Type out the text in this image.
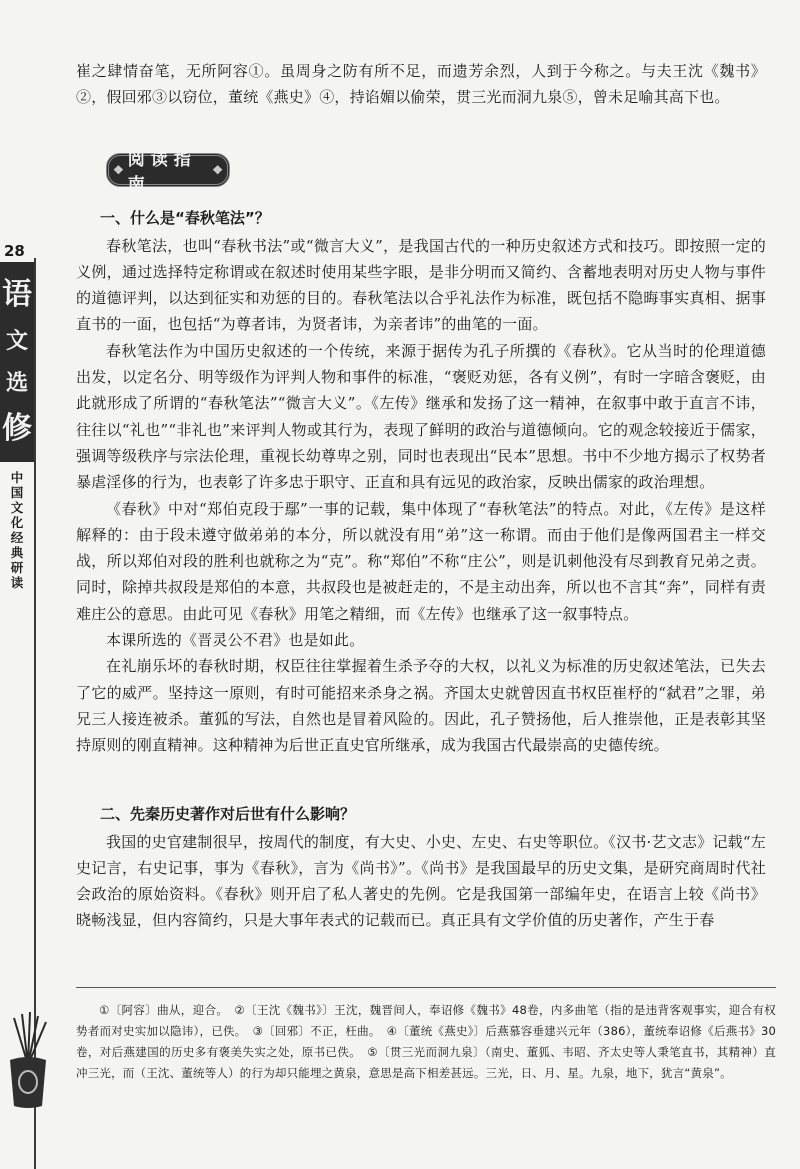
28
语
文
选
修
中
国
文
化
经
典
研
读

崔之肆情奋笔，无所阿容①。虽周身之防有所不足，而遗芳余烈，人到于今称之。与夫王沈《魏书》②，假回邪③以窃位，董统《燕史》④，持谄媚以偷荣，贯三光而洞九泉⑤，曾未足喻其高下也。

❖ 阅读指南
❖
一、什么是“春秋笔法”？

春秋笔法，也叫“春秋书法”或“微言大义”，是我国古代的一种历史叙述方式和技巧。即按照一定的义例，通过选择特定称谓或在叙述时使用某些字眼，是非分明而又简约、含蓄地表明对历史人物与事件的道德评判，以达到征实和劝惩的目的。春秋笔法以合乎礼法作为标准，既包括不隐晦事实真相、据事直书的一面，也包括“为尊者讳，为贤者讳，为亲者讳”的曲笔的一面。

春秋笔法作为中国历史叙述的一个传统，来源于据传为孔子所撰的《春秋》。它从当时的伦理道德出发，以定名分、明等级作为评判人物和事件的标准，“褒贬劝惩，各有义例”，有时一字暗含褒贬，由此就形成了所谓的“春秋笔法”“微言大义”。《左传》继承和发扬了这一精神，在叙事中敢于直言不讳，往往以“礼也”“非礼也”来评判人物或其行为，表现了鲜明的政治与道德倾向。它的观念较接近于儒家，强调等级秩序与宗法伦理，重视长幼尊卑之别，同时也表现出“民本”思想。书中不少地方揭示了权势者暴虐淫侈的行为，也表彰了许多忠于职守、正直和具有远见的政治家，反映出儒家的政治理想。

《春秋》中对“郑伯克段于鄢”一事的记载，集中体现了“春秋笔法”的特点。对此，《左传》是这样解释的：由于段未遵守做弟弟的本分，所以就没有用“弟”这一称谓。而由于他们是像两国君主一样交战，所以郑伯对段的胜利也就称之为“克”。称“郑伯”不称“庄公”，则是讥刺他没有尽到教育兄弟之责。同时，除掉共叔段是郑伯的本意，共叔段也是被赶走的，不是主动出奔，所以也不言其“奔”，同样有责难庄公的意思。由此可见《春秋》用笔之精细，而《左传》也继承了这一叙事特点。

本课所选的《晋灵公不君》也是如此。

在礼崩乐坏的春秋时期，权臣往往掌握着生杀予夺的大权，以礼义为标准的历史叙述笔法，已失去了它的威严。坚持这一原则，有时可能招来杀身之祸。齐国太史就曾因直书权臣崔杼的“弑君”之罪，弟兄三人接连被杀。董狐的写法，自然也是冒着风险的。因此，孔子赞扬他，后人推崇他，正是表彰其坚持原则的刚直精神。这种精神为后世正直史官所继承，成为我国古代最崇高的史德传统。

二、先秦历史著作对后世有什么影响？

我国的史官建制很早，按周代的制度，有大史、小史、左史、右史等职位。《汉书·艺文志》记载“左史记言，右史记事，事为《春秋》，言为《尚书》”。《尚书》是我国最早的历史文集，是研究商周时代社会政治的原始资料。《春秋》则开启了私人著史的先例。它是我国第一部编年史，在语言上较《尚书》晓畅浅显，但内容简约，只是大事年表式的记载而已。真正具有文学价值的历史著作，产生于春

①〔阿容〕曲从，迎合。　②〔王沈《魏书》〕王沈，魏晋间人，奉诏修《魏书》48卷，内多曲笔（指的是违背客观事实，迎合有权势者而对史实加以隐讳），已佚。　③〔回邪〕不正，枉曲。　④〔董统《燕史》〕后燕慕容垂建兴元年（386），董统奉诏修《后燕书》30卷，对后燕建国的历史多有褒美失实之处，原书已佚。　⑤〔贯三光而洞九泉〕（南史、董狐、韦昭、齐太史等人秉笔直书，其精神）直冲三光，而（王沈、董统等人）的行为却只能埋之黄泉，意思是高下相差甚远。三光，日、月、星。九泉，地下，犹言“黄泉”。
